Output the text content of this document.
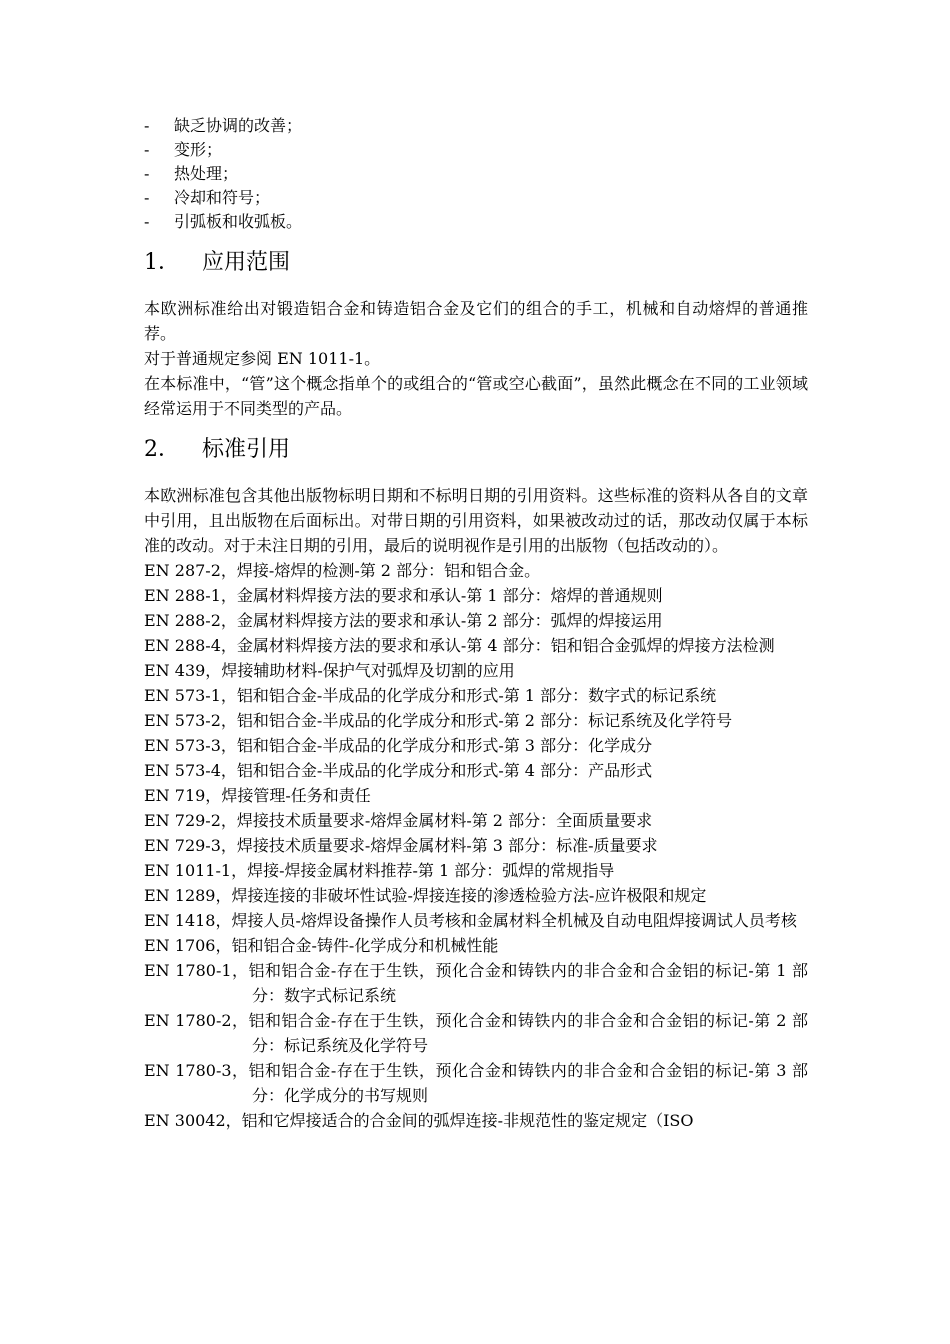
-	缺乏协调的改善；
-	变形；
-	热处理；
-	冷却和符号；
-	引弧板和收弧板。
1．	应用范围

本欧洲标准给出对锻造铝合金和铸造铝合金及它们的组合的手工，机械和自动熔焊的普通推荐。

对于普通规定参阅 EN 1011-1。

在本标准中，“管”这个概念指单个的或组合的“管或空心截面”，虽然此概念在不同的工业领域经常运用于不同类型的产品。

2．	标准引用

本欧洲标准包含其他出版物标明日期和不标明日期的引用资料。这些标准的资料从各自的文章中引用，且出版物在后面标出。对带日期的引用资料，如果被改动过的话，那改动仅属于本标准的改动。对于未注日期的引用，最后的说明视作是引用的出版物（包括改动的）。

EN 287-2，焊接-熔焊的检测-第 2 部分：铝和铝合金。
EN 288-1，金属材料焊接方法的要求和承认-第 1 部分：熔焊的普通规则
EN 288-2，金属材料焊接方法的要求和承认-第 2 部分：弧焊的焊接运用
EN 288-4，金属材料焊接方法的要求和承认-第 4 部分：铝和铝合金弧焊的焊接方法检测
EN 439，焊接辅助材料-保护气对弧焊及切割的应用
EN 573-1，铝和铝合金-半成品的化学成分和形式-第 1 部分：数字式的标记系统
EN 573-2，铝和铝合金-半成品的化学成分和形式-第 2 部分：标记系统及化学符号
EN 573-3，铝和铝合金-半成品的化学成分和形式-第 3 部分：化学成分
EN 573-4，铝和铝合金-半成品的化学成分和形式-第 4 部分：产品形式
EN 719，焊接管理-任务和责任
EN 729-2，焊接技术质量要求-熔焊金属材料-第 2 部分：全面质量要求
EN 729-3，焊接技术质量要求-熔焊金属材料-第 3 部分：标准-质量要求
EN 1011-1，焊接-焊接金属材料推荐-第 1 部分：弧焊的常规指导
EN 1289，焊接连接的非破坏性试验-焊接连接的渗透检验方法-应许极限和规定
EN 1418，焊接人员-熔焊设备操作人员考核和金属材料全机械及自动电阻焊接调试人员考核
EN 1706，铝和铝合金-铸件-化学成分和机械性能
EN 1780-1，铝和铝合金-存在于生铁，预化合金和铸铁内的非合金和合金铝的标记-第 1 部分：数字式标记系统
EN 1780-2，铝和铝合金-存在于生铁，预化合金和铸铁内的非合金和合金铝的标记-第 2 部分：标记系统及化学符号
EN 1780-3，铝和铝合金-存在于生铁，预化合金和铸铁内的非合金和合金铝的标记-第 3 部分：化学成分的书写规则
EN 30042，铝和它焊接适合的合金间的弧焊连接-非规范性的鉴定规定（ISO
